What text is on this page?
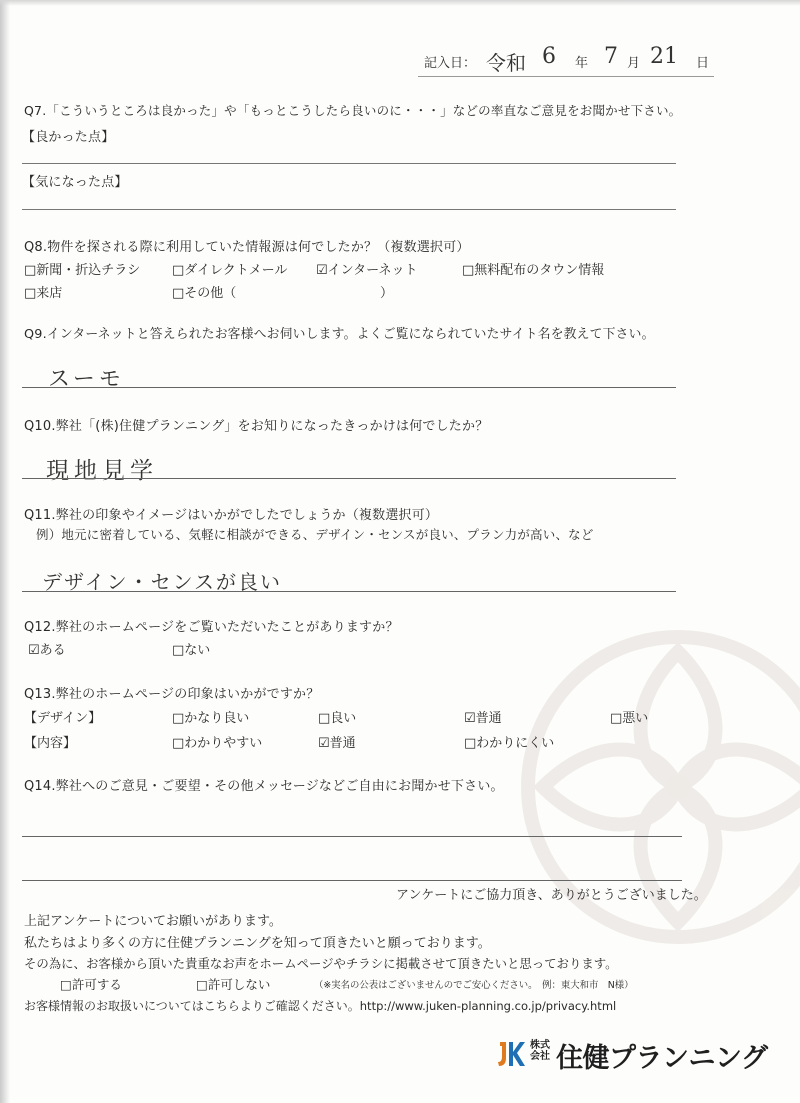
記入日： 令和 6 年 7 月 21 日
Q7.「こういうところは良かった」や「もっとこうしたら良いのに・・・」などの率直なご意見をお聞かせ下さい。
【良かった点】
【気になった点】
Q8.物件を探される際に利用していた情報源は何でしたか？（複数選択可）
□新聞・折込チラシ □ダイレクトメール ☑インターネット	□無料配布のタウン情報
□来店	□その他（	）
Q9.インターネットと答えられたお客様へお伺いします。よくご覧になられていたサイト名を教えて下さい。
スーモ
Q10.弊社「(株)住健プランニング」をお知りになったきっかけは何でしたか？
現地見学
Q11.弊社の印象やイメージはいかがでしたでしょうか（複数選択可）
例）地元に密着している、気軽に相談ができる、デザイン・センスが良い、プラン力が高い、など
デザイン・センスが良い
Q12.弊社のホームページをご覧いただいたことがありますか？
☑ある	□ない
Q13.弊社のホームページの印象はいかがですか？
【デザイン】	□かなり良い	□良い	☑普通	□悪い
【内容】	□わかりやすい	☑普通	□わかりにくい
Q14.弊社へのご意見・ご要望・その他メッセージなどご自由にお聞かせ下さい。
アンケートにご協力頂き、ありがとうございました。
上記アンケートについてお願いがあります。
私たちはより多くの方に住健プランニングを知って頂きたいと願っております。
その為に、お客様から頂いた貴重なお声をホームページやチラシに掲載させて頂きたいと思っております。
□許可する	□許可しない	（※実名の公表はございませんのでご安心ください。　例：東大和市　N様）
お客様情報のお取扱いについてはこちらよりご確認ください。http://www.juken-planning.co.jp/privacy.html
株式
会社 住健プランニング
